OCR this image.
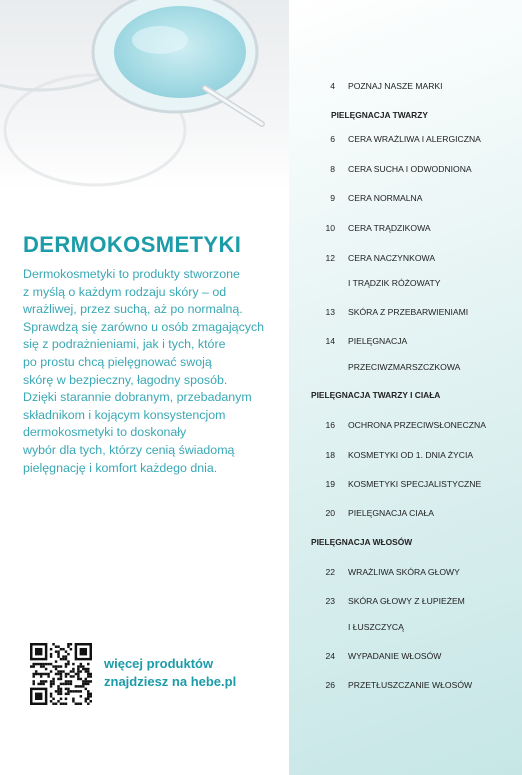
DERMOKOSMETYKI
Dermokosmetyki to produkty stworzone
z myślą o każdym rodzaju skóry – od
wrażliwej, przez suchą, aż po normalną.
Sprawdzą się zarówno u osób zmagających
się z podrażnieniami, jak i tych, które
po prostu chcą pielęgnować swoją
skórę w bezpieczny, łagodny sposób.
Dzięki starannie dobranym, przebadanym
składnikom i kojącym konsystencjom
dermokosmetyki to doskonały
wybór dla tych, którzy cenią świadomą
pielęgnację i komfort każdego dnia.
więcej produktów
znajdziesz na hebe.pl
4 POZNAJ NASZE MARKI
PIELĘGNACJA TWARZY
6 CERA WRAŻLIWA I ALERGICZNA
8 CERA SUCHA I ODWODNIONA
9 CERA NORMALNA
10 CERA TRĄDZIKOWA
12 CERA NACZYNKOWA
I TRĄDZIK RÓŻOWATY
13 SKÓRA Z PRZEBARWIENIAMI
14 PIELĘGNACJA
PRZECIWZMARSZCZKOWA
PIELĘGNACJA TWARZY I CIAŁA
16 OCHRONA PRZECIWSŁONECZNA
18 KOSMETYKI OD 1. DNIA ŻYCIA
19 KOSMETYKI SPECJALISTYCZNE
20 PIELĘGNACJA CIAŁA
PIELĘGNACJA WŁOSÓW
22 WRAŻLIWA SKÓRA GŁOWY
23 SKÓRA GŁOWY Z ŁUPIEŻEM
I ŁUSZCZYCĄ
24 WYPADANIE WŁOSÓW
26 PRZETŁUSZCZANIE WŁOSÓW
